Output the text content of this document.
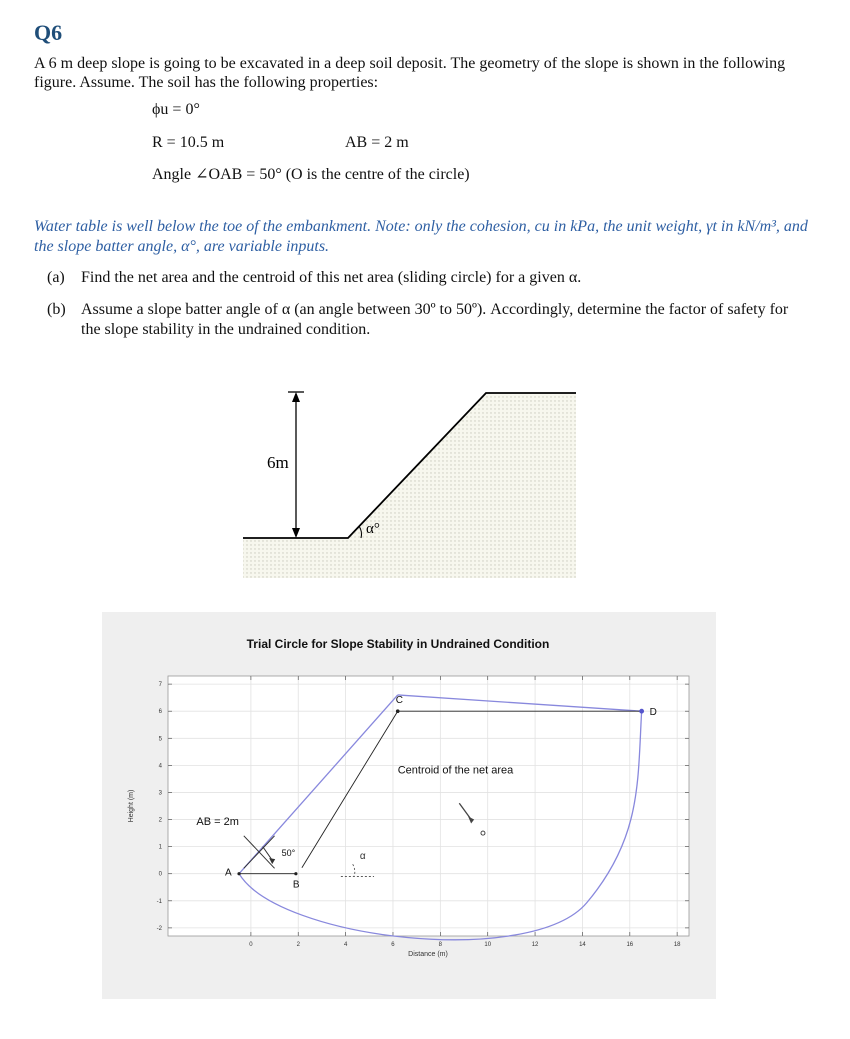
Q6
A 6 m deep slope is going to be excavated in a deep soil deposit. The geometry of the slope is shown in the following figure. Assume. The soil has the following properties:
ϕu = 0°
R = 10.5 m	AB = 2 m
Angle ∠OAB = 50° (O is the centre of the circle)
Water table is well below the toe of the embankment. Note: only the cohesion, cu in kPa, the unit weight, γt in kN/m³, and the slope batter angle, α°, are variable inputs.
(a) Find the net area and the centroid of this net area (sliding circle) for a given α.
(b) Assume a slope batter angle of α (an angle between 30º to 50º). Accordingly, determine the factor of safety for the slope stability in the undrained condition.
6m
α°
Trial Circle for Slope Stability in Undrained Condition
0	2	4	6	8	10	12	14	16	18
-2
-1
0
1
2
3
4
5
6
7
C
D
A
B
AB = 2m
50°	α
Centroid of the net area
Distance (m)
Height (m)
